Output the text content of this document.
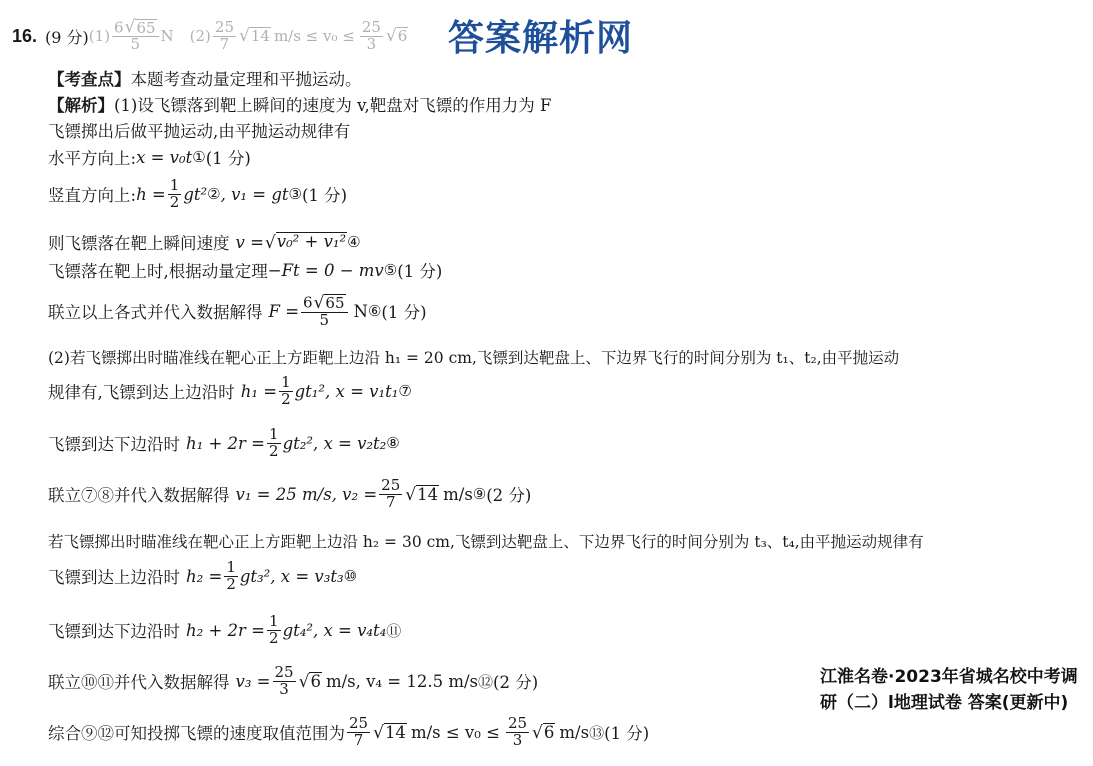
16. (9 分) $(1) \frac{6 √ 65}{5}$ N $(2) \frac{25}{7}$ √ 14 $m/s \le v_0 \le \frac{25}{3}$ √ 6 答案解析网
【考查点】 本题考查动量定理和平抛运动。
【解析】 (1)设飞镖落到靶上瞬间的速度为 v,靶盘对飞镖的作用力为 F
飞镖掷出后做平抛运动,由平抛运动规律有
水平方向上: x = v₀t ① (1 分)
竖直方向上: $h = \frac{1}{2} gt^2$ ② , v₁ = gt ③ (1 分)
则飞镖落在靶上瞬间速度 v = √ v₀² + v₁² ④
飞镖落在靶上时,根据动量定理 −Ft = 0 − mv ⑤ (1 分)
联立以上各式并代入数据解得 $F = \frac{6 √ 65}{5}$ N ⑥ (1 分)
(2)若飞镖掷出时瞄准线在靶心正上方距靶上边沿 h₁ = 20 cm,飞镖到达靶盘上、下边界飞行的时间分别为 t₁、t₂,由平抛运动
规律有,飞镖到达上边沿时 $h_1 = \frac{1}{2} gt_1^2$ , x = v₁t₁ ⑦
飞镖到达下边沿时 $h_1 + 2r = \frac{1}{2} gt_2^2$ , x = v₂t₂ ⑧
联立⑦⑧并代入数据解得 v₁ = 25 m/s, $v_2 = \frac{25}{7}$ √ 14 m/s ⑨ (2 分)
若飞镖掷出时瞄准线在靶心正上方距靶上边沿 h₂ = 30 cm,飞镖到达靶盘上、下边界飞行的时间分别为 t₃、t₄,由平抛运动规律有
飞镖到达上边沿时 $h_2 = \frac{1}{2} gt_3^2$ , x = v₃t₃ ⑩
飞镖到达下边沿时 $h_2 + 2r = \frac{1}{2} gt_4^2$ , x = v₄t₄ ⑪
联立⑩⑪并代入数据解得 $v_3 = \frac{25}{3}$ √ 6 m/s, v₄ = 12.5 m/s ⑫ (2 分)
综合⑨⑫可知投掷飞镖的速度取值范围为 $\frac{25}{7}$ √ 14 $m/s \le v_0 \le \frac{25}{3}$ √ 6 m/s ⑬ (1 分)
江淮名卷·2023年省城名校中考调研（二）l地理试卷 答案(更新中)
